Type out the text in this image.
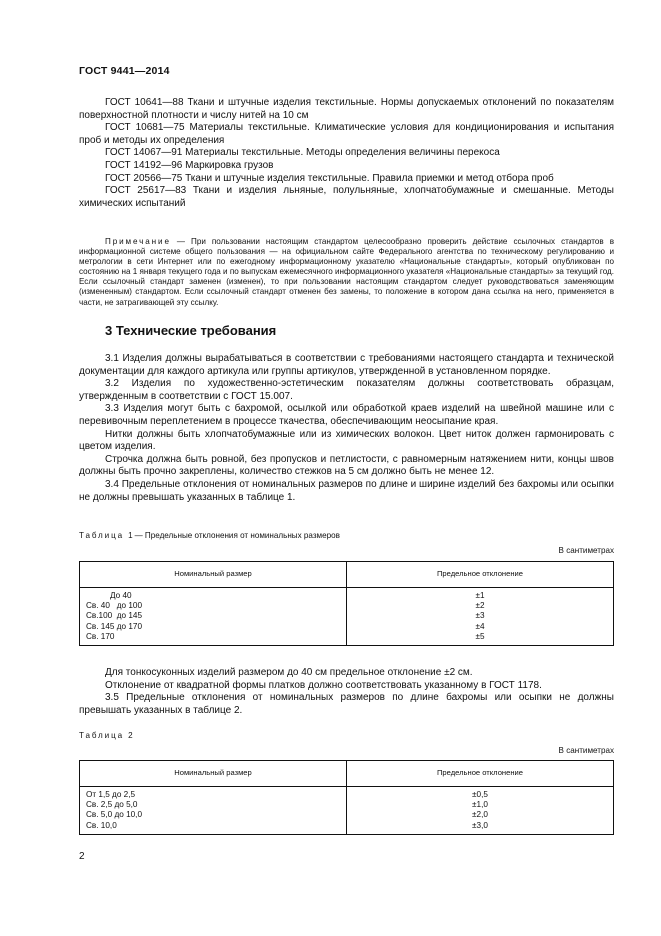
ГОСТ 9441—2014

ГОСТ 10641—88 Ткани и штучные изделия текстильные. Нормы допускаемых отклонений по показателям поверхностной плотности и числу нитей на 10 см

ГОСТ 10681—75 Материалы текстильные. Климатические условия для кондиционирования и испытания проб и методы их определения

ГОСТ 14067—91 Материалы текстильные. Методы определения величины перекоса

ГОСТ 14192—96 Маркировка грузов

ГОСТ 20566—75 Ткани и штучные изделия текстильные. Правила приемки и метод отбора проб

ГОСТ 25617—83 Ткани и изделия льняные, полульняные, хлопчатобумажные и смешанные. Методы химических испытаний

Примечание — При пользовании настоящим стандартом целесообразно проверить действие ссылочных стандартов в информационной системе общего пользования — на официальном сайте Федерального агентства по техническому регулированию и метрологии в сети Интернет или по ежегодному информационному указателю «Национальные стандарты», который опубликован по состоянию на 1 января текущего года и по выпускам ежемесячного информационного указателя «Национальные стандарты» за текущий год. Если ссылочный стандарт заменен (изменен), то при пользовании настоящим стандартом следует руководствоваться заменяющим (измененным) стандартом. Если ссылочный стандарт отменен без замены, то положение в котором дана ссылка на него, применяется в части, не затрагивающей эту ссылку.

3 Технические требования

3.1 Изделия должны вырабатываться в соответствии с требованиями настоящего стандарта и технической документации для каждого артикула или группы артикулов, утвержденной в установленном порядке.

3.2 Изделия по художественно-эстетическим показателям должны соответствовать образцам, утвержденным в соответствии с ГОСТ 15.007.

3.3 Изделия могут быть с бахромой, осылкой или обработкой краев изделий на швейной машине или с перевивочным переплетением в процессе ткачества, обеспечивающим неосыпание края.

Нитки должны быть хлопчатобумажные или из химических волокон. Цвет ниток должен гармонировать с цветом изделия.

Строчка должна быть ровной, без пропусков и петлистости, с равномерным натяжением нити, концы швов должны быть прочно закреплены, количество стежков на 5 см должно быть не менее 12.

3.4 Предельные отклонения от номинальных размеров по длине и ширине изделий без бахромы или осыпки не должны превышать указанных в таблице 1.

Таблица 1— Предельные отклонения от номинальных размеров
В сантиметрах
Номинальный размер	Предельное отклонение
До 40	±1
Св. 40   до 100	±2
Св.100  до 145	±3
Св. 145 до 170	±4
Св. 170	±5

Для тонкосуконных изделий размером до 40 см предельное отклонение ±2 см.

Отклонение от квадратной формы платков должно соответствовать указанному в ГОСТ 1178.

3.5 Предельные отклонения от номинальных размеров по длине бахромы или осыпки не должны превышать указанных в таблице 2.

Таблица 2
В сантиметрах
Номинальный размер	Предельное отклонение
От 1,5 до 2,5	±0,5
Св. 2,5 до 5,0	±1,0
Св. 5,0 до 10,0	±2,0
Св. 10,0	±3,0
2
